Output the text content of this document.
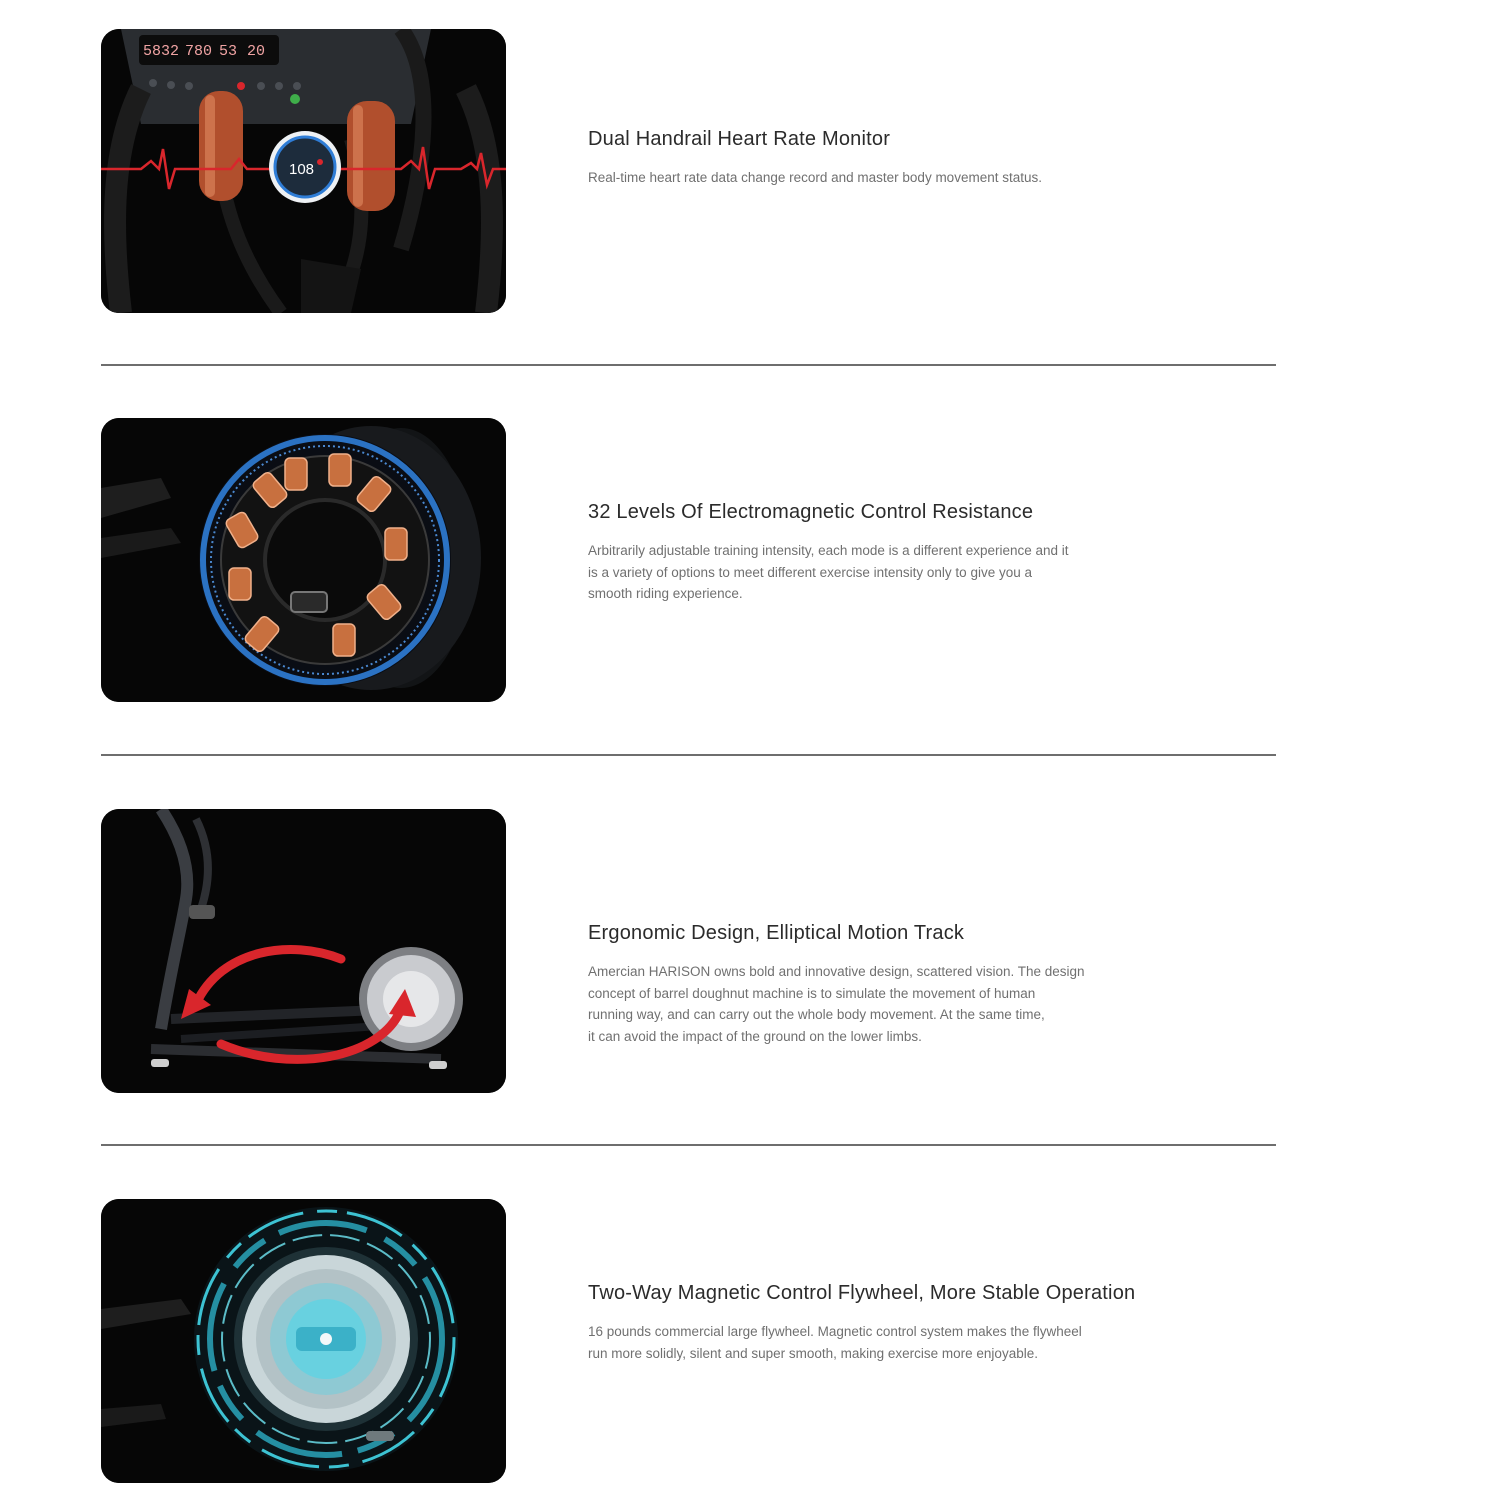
5832 780 53 20
108
Dual Handrail Heart Rate Monitor

Real-time heart rate data change record and master body movement status.

32 Levels Of Electromagnetic Control Resistance

Arbitrarily adjustable training intensity, each mode is a different experience and it
is a variety of options to meet different exercise intensity only to give you a
smooth riding experience.

Ergonomic Design, Elliptical Motion Track

Amercian HARISON owns bold and innovative design, scattered vision. The design
concept of barrel doughnut machine is to simulate the movement of human
running way, and can carry out the whole body movement. At the same time,
it can avoid the impact of the ground on the lower limbs.

Two-Way Magnetic Control Flywheel, More Stable Operation

16 pounds commercial large flywheel. Magnetic control system makes the flywheel
run more solidly, silent and super smooth, making exercise more enjoyable.
